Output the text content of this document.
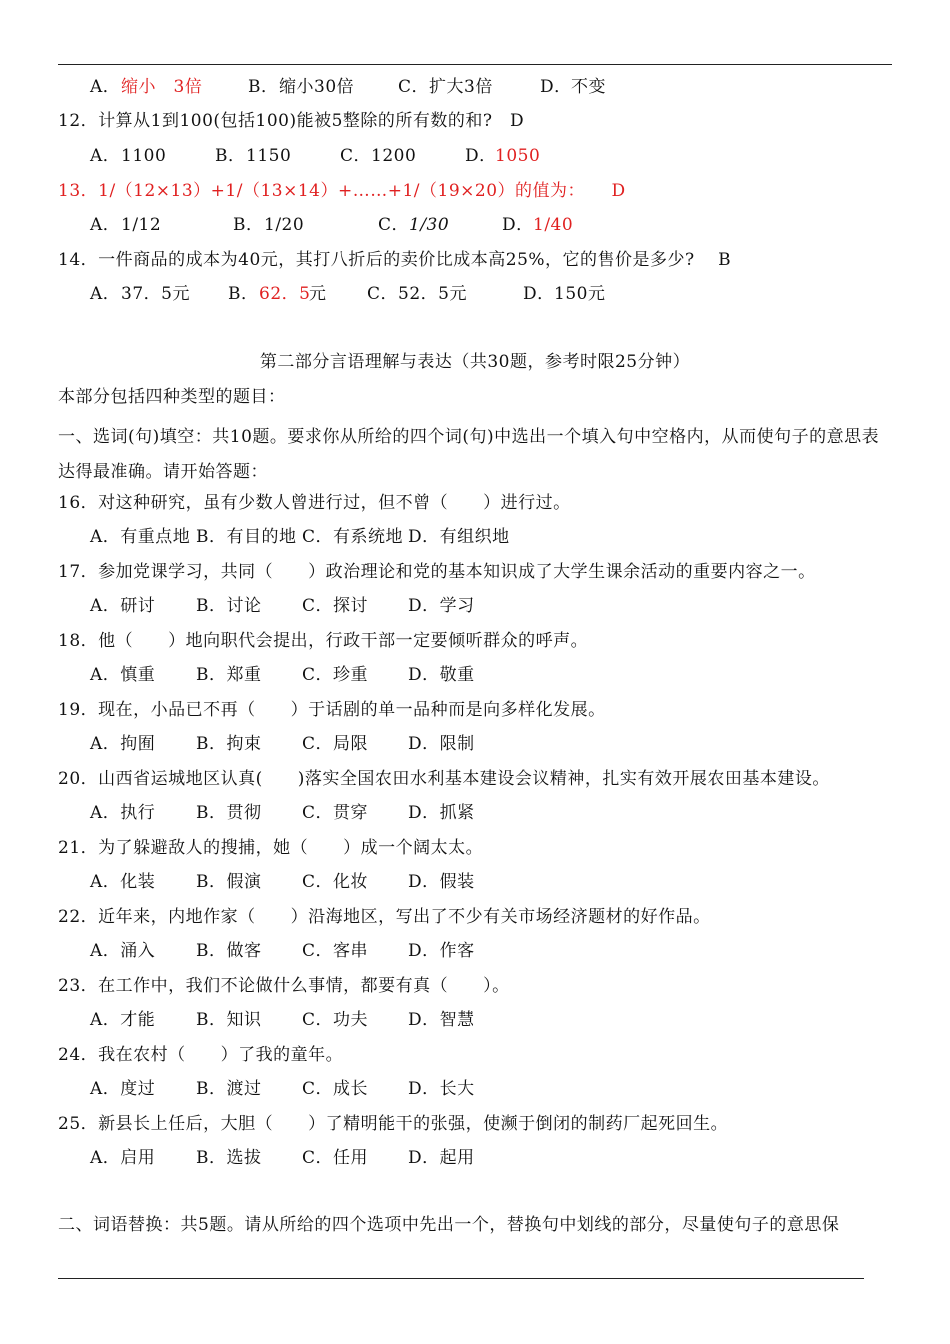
A． 缩小　3倍	B． 缩小30倍	C． 扩大3倍	D． 不变
12．计算从1到100(包括100)能被5整除的所有数的和?　D
A． 1100	B． 1150	C． 1200	D．
1050
13．1/（12×13）+1/（13×14）+……+1/（19×20）的值为：　　D
A． 1/12	B． 1/20	C． 1/30	D． 1/40
14．一件商品的成本为40元，其打八折后的卖价比成本高25%，它的售价是多少?　 B
A． 37．5元 B． 62．5
元 C． 52．5元	D． 150元
第二部分言语理解与表达（共30题，参考时限25分钟）
本部分包括四种类型的题目：
一、选词(句)填空：共10题。要求你从所给的四个词(句)中选出一个填入句中空格内，从而使句子的意思表达得最准确。请开始答题：
16．对这种研究，虽有少数人曾进行过，但不曾（　　）进行过。
A．有重点地 B．有目的地 C．有系统地 D．有组织地
17．参加党课学习，共同（　　）政治理论和党的基本知识成了大学生课余活动的重要内容之一。
A．研讨 B．讨论 C．探讨 D．学习
18．他（　　）地向职代会提出，行政干部一定要倾听群众的呼声。
A．慎重 B．郑重 C．珍重 D．敬重
19．现在，小品已不再（　　）于话剧的单一品种而是向多样化发展。
A．拘囿 B．拘束 C．局限 D．限制
20．山西省运城地区认真(　　)落实全国农田水利基本建设会议精神，扎实有效开展农田基本建设。
A．执行 B．贯彻 C．贯穿 D．抓紧
21．为了躲避敌人的搜捕，她（　　）成一个阔太太。
A．化装 B．假演 C．化妆 D．假装
22．近年来，内地作家（　　）沿海地区，写出了不少有关市场经济题材的好作品。
A．涌入 B．做客 C．客串 D．作客
23．在工作中，我们不论做什么事情，都要有真（　　）。
A．才能 B．知识 C．功夫 D．智慧
24．我在农村（　　）了我的童年。
A．度过 B．渡过 C．成长 D．长大
25．新县长上任后，大胆（　　）了精明能干的张强，使濒于倒闭的制药厂起死回生。
A．启用 B．选拔 C．任用 D．起用
二、词语替换：共5题。请从所给的四个选项中先出一个，替换句中划线的部分，尽量使句子的意思保
